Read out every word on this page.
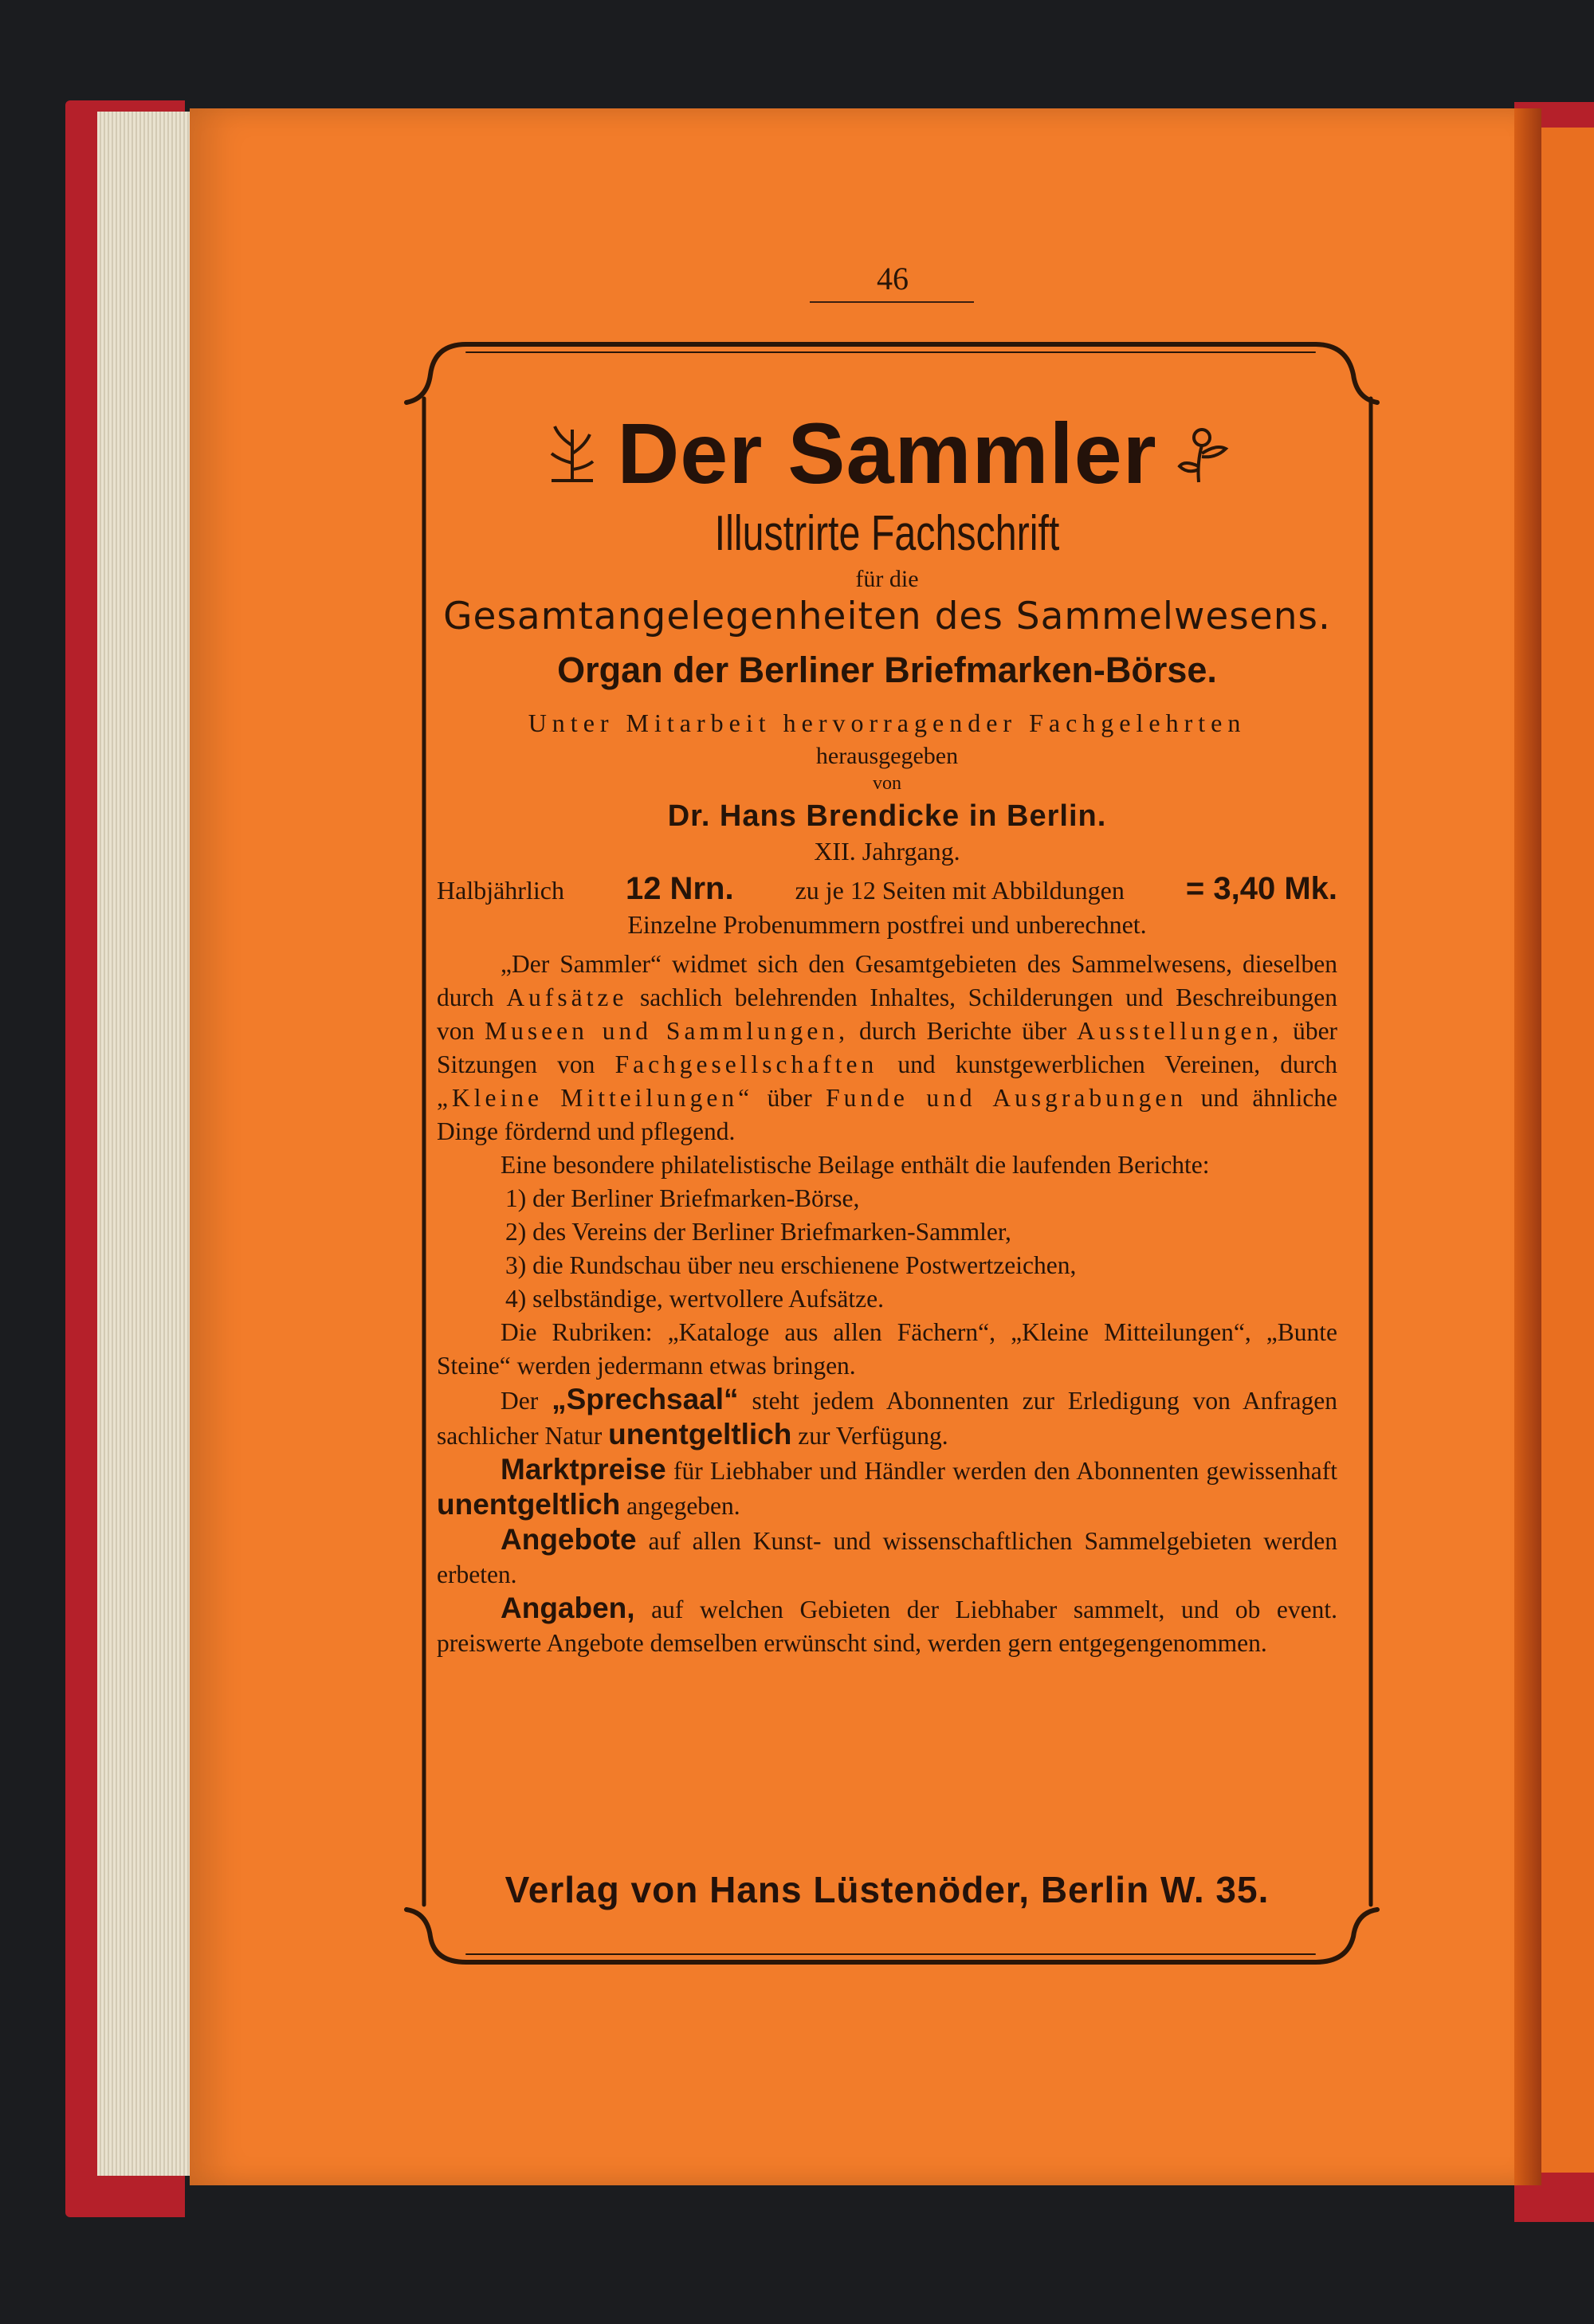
46
Der Sammler
Illustrirte Fachschrift
für die
Gesamtangelegenheiten des Sammelwesens.
Organ der Berliner Briefmarken-Börse.
Unter Mitarbeit hervorragender Fachgelehrten
herausgegeben
von
Dr. Hans Brendicke in Berlin.
XII. Jahrgang.
Halbjährlich 12 Nrn. zu je 12 Seiten mit Abbildungen = 3,40 Mk.
Einzelne Probenummern postfrei und unberechnet.

„Der Sammler“ widmet sich den Gesamtgebieten des Sammelwesens, dieselben durch Aufsätze sachlich belehrenden Inhaltes, Schilderungen und Beschreibungen von Museen und Sammlungen, durch Berichte über Ausstellungen, über Sitzungen von Fachgesellschaften und kunstgewerblichen Vereinen, durch „Kleine Mitteilungen“ über Funde und Ausgrabungen und ähnliche Dinge fördernd und pflegend.

Eine besondere philatelistische Beilage enthält die laufenden Berichte:

1) der Berliner Briefmarken-Börse,

2) des Vereins der Berliner Briefmarken-Sammler,

3) die Rundschau über neu erschienene Postwertzeichen,

4) selbständige, wertvollere Aufsätze.

Die Rubriken: „Kataloge aus allen Fächern“, „Kleine Mitteilungen“, „Bunte Steine“ werden jedermann etwas bringen.

Der „Sprechsaal“ steht jedem Abonnenten zur Erledigung von Anfragen sachlicher Natur unentgeltlich zur Verfügung.

Marktpreise für Liebhaber und Händler werden den Abonnenten gewissenhaft unentgeltlich angegeben.

Angebote auf allen Kunst- und wissenschaftlichen Sammelgebieten werden erbeten.

Angaben, auf welchen Gebieten der Liebhaber sammelt, und ob event. preiswerte Angebote demselben erwünscht sind, werden gern entgegengenommen.

Verlag von Hans Lüstenöder, Berlin W. 35.
